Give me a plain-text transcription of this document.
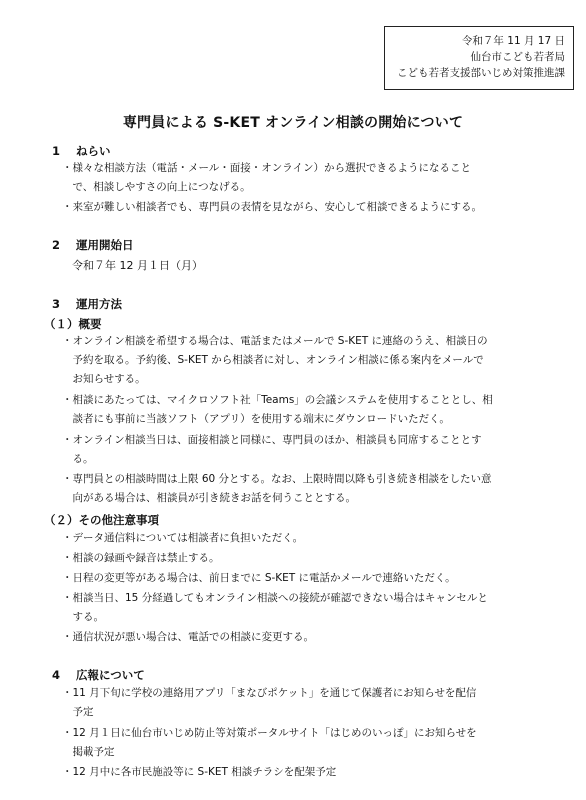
令和７年 11 月 17 日
仙台市こども若者局
こども若者支援部いじめ対策推進課
専門員による S-KET オンライン相談の開始について
1 ねらい
・様々な相談方法（電話・メール・面接・オンライン）から選択できるようになること
　で、相談しやすさの向上につなげる。
・来室が難しい相談者でも、専門員の表情を見ながら、安心して相談できるようにする。
2 運用開始日
令和７年 12 月１日（月）
3 運用方法
（１）概要
・オンライン相談を希望する場合は、電話またはメールで S-KET に連絡のうえ、相談日の
　予約を取る。予約後、S-KET から相談者に対し、オンライン相談に係る案内をメールで
　お知らせする。
・相談にあたっては、マイクロソフト社「Teams」の会議システムを使用することとし、相
　談者にも事前に当該ソフト（アプリ）を使用する端末にダウンロードいただく。
・オンライン相談当日は、面接相談と同様に、専門員のほか、相談員も同席することとす
　る。
・専門員との相談時間は上限 60 分とする。なお、上限時間以降も引き続き相談をしたい意
　向がある場合は、相談員が引き続きお話を伺うこととする。
（２）その他注意事項
・データ通信料については相談者に負担いただく。
・相談の録画や録音は禁止する。
・日程の変更等がある場合は、前日までに S-KET に電話かメールで連絡いただく。
・相談当日、15 分経過してもオンライン相談への接続が確認できない場合はキャンセルと
　する。
・通信状況が悪い場合は、電話での相談に変更する。
4 広報について
・11 月下旬に学校の連絡用アプリ「まなびポケット」を通じて保護者にお知らせを配信
　予定
・12 月１日に仙台市いじめ防止等対策ポータルサイト「はじめのいっぽ」にお知らせを
　掲載予定
・12 月中に各市民施設等に S-KET 相談チラシを配架予定
